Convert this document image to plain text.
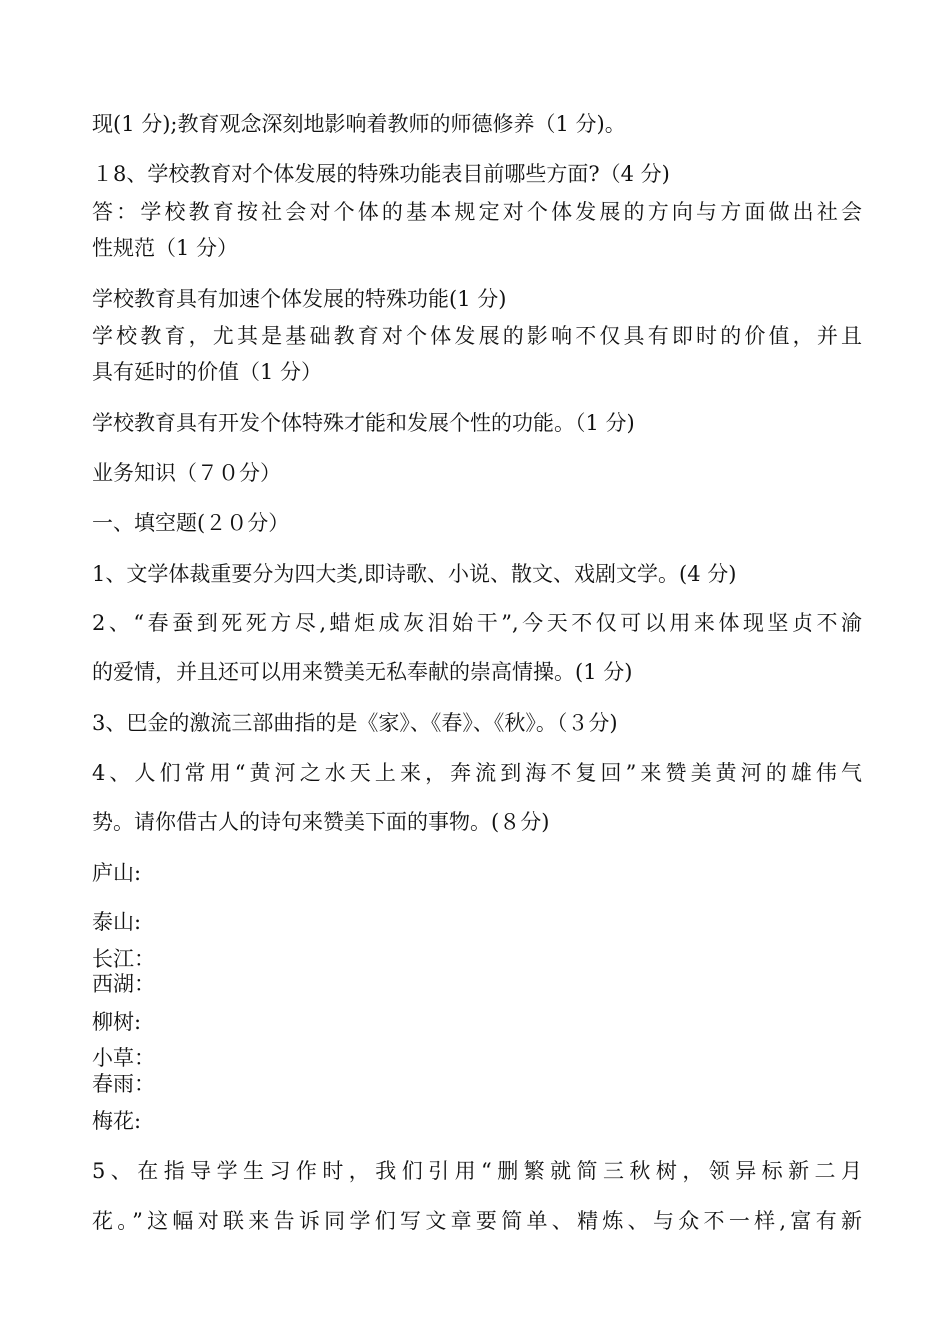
现(1 分);教育观念深刻地影响着教师的师德修养（1 分)。
１8、学校教育对个体发展的特殊功能表目前哪些方面?（4 分)
答：学校教育按社会对个体的基本规定对个体发展的方向与方面做出社会
性规范（1 分）
学校教育具有加速个体发展的特殊功能(1 分)
学校教育，尤其是基础教育对个体发展的影响不仅具有即时的价值，并且
具有延时的价值（1 分）
学校教育具有开发个体特殊才能和发展个性的功能。（1 分)
业务知识（７０分）
一、填空题(２０分）
1、文学体裁重要分为四大类,即诗歌、小说、散文、戏剧文学。(4 分)
2、“春蚕到死死方尽,蜡炬成灰泪始干”,今天不仅可以用来体现坚贞不渝
的爱情，并且还可以用来赞美无私奉献的崇高情操。(1 分)
3、巴金的激流三部曲指的是《家》、《春》、《秋》。（３分)
4、人们常用“黄河之水天上来，奔流到海不复回”来赞美黄河的雄伟气
势。请你借古人的诗句来赞美下面的事物。(８分)
庐山:
泰山:
长江：
西湖：
柳树:
小草：
春雨：
梅花:
5、在指导学生习作时，我们引用“删繁就简三秋树，领异标新二月
花。”这幅对联来告诉同学们写文章要简单、精炼、与众不一样,富有新
